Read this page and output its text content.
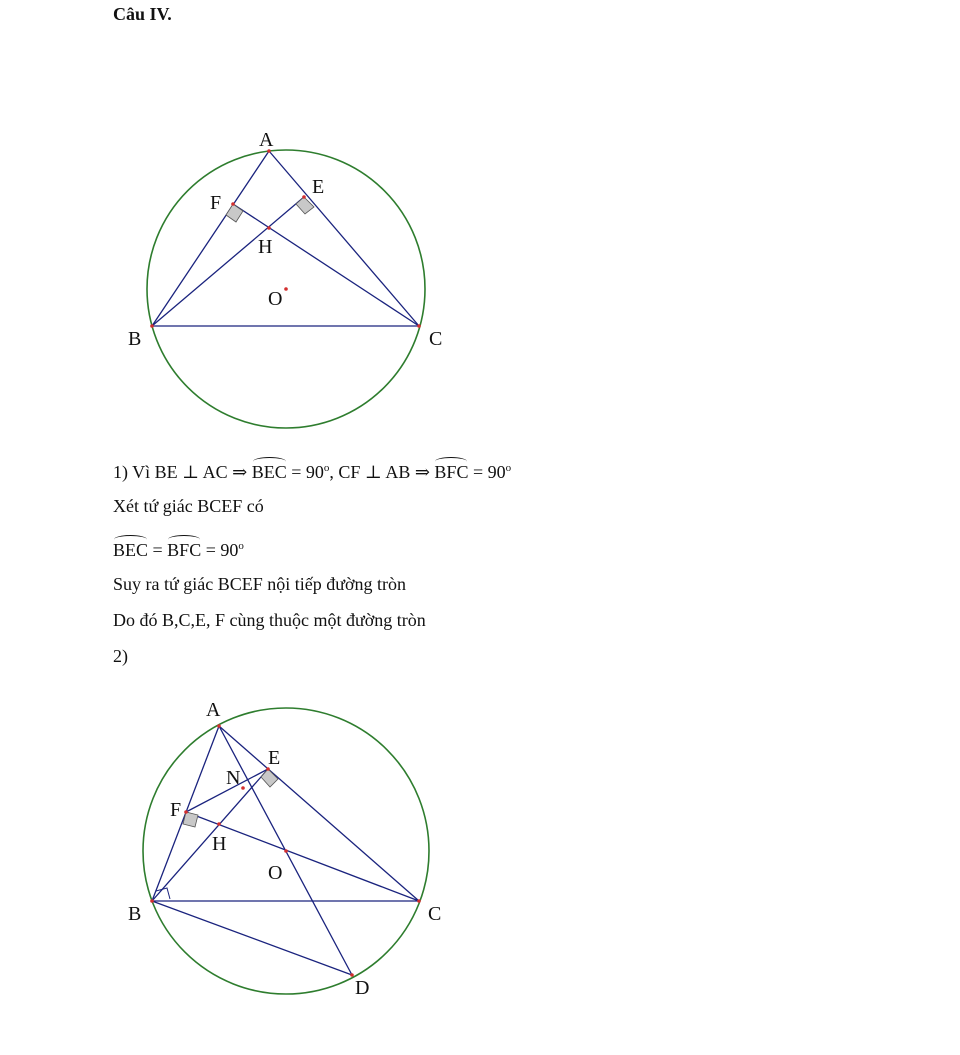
Câu IV.
A
B	C
E
F
H
O
1) Vì BE ⊥ AC ⇒ BEC = $90^o$, CF ⊥ AB ⇒ BFC = $90^o$
Xét tứ giác BCEF có
BEC = BFC = $90^o$
Suy ra tứ giác BCEF nội tiếp đường tròn
Do đó B,C,E, F cùng thuộc một đường tròn
2)
A
B	C
D
E
F
H
N
O
